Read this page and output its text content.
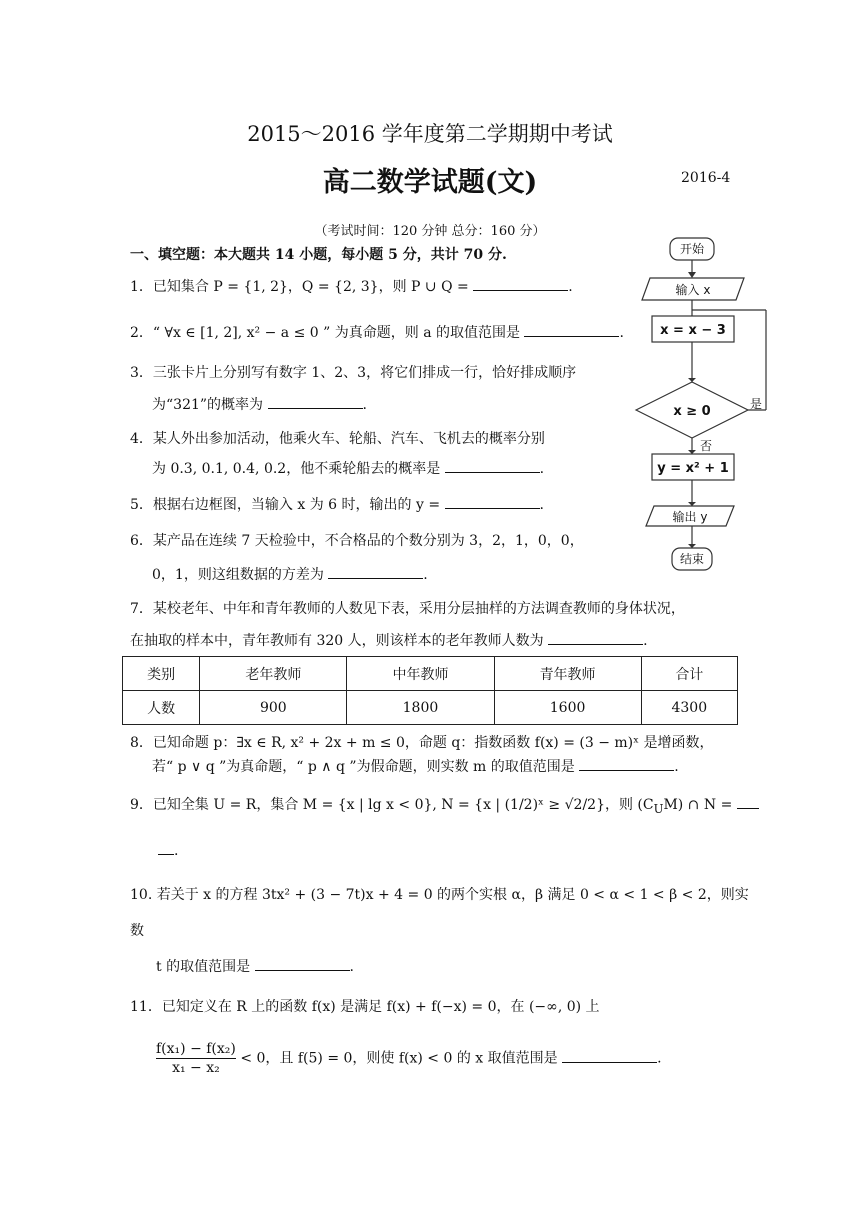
2015～2016 学年度第二学期期中考试
高二数学试题(文)	2016-4
（考试时间：120 分钟 总分：160 分）
一、填空题：本大题共 14 小题，每小题 5 分，共计 70 分.
1．已知集合 P = {1, 2}，Q = {2, 3}，则 P ∪ Q =	.
2．“ ∀x ∈ [1, 2], x² − a ≤ 0 ” 为真命题，则 a 的取值范围是	.
3．三张卡片上分别写有数字 1、2、3，将它们排成一行，恰好排成顺序
为“321”的概率为	.
4．某人外出参加活动，他乘火车、轮船、汽车、飞机去的概率分别
为 0.3, 0.1, 0.4, 0.2，他不乘轮船去的概率是	.
5．根据右边框图，当输入 x 为 6 时，输出的 y =	.
6．某产品在连续 7 天检验中，不合格品的个数分别为 3，2，1，0，0，
0，1，则这组数据的方差为	.
7．某校老年、中年和青年教师的人数见下表，采用分层抽样的方法调查教师的身体状况，
在抽取的样本中，青年教师有 320 人，则该样本的老年教师人数为	.
类别	老年教师	中年教师	青年教师	合计
人数	900	1800	1600	4300
8．已知命题 p：∃x ∈ R, x² + 2x + m ≤ 0，命题 q：指数函数 f(x) = (3 − m)ˣ 是增函数，
若“ p ∨ q ”为真命题，“ p ∧ q ”为假命题，则实数 m 的取值范围是	.
9．已知全集 U = R，集合 M = {x | lg x < 0}, N = {x | (1/2)ˣ ≥ √2/2}，则 $(C_UM)$ ∩ N =
.
10. 若关于 x 的方程 3tx² + (3 − 7t)x + 4 = 0 的两个实根 α，β 满足 0 < α < 1 < β < 2，则实
数
t 的取值范围是	.
11．已知定义在 R 上的函数 f(x) 是满足 f(x) + f(−x) = 0，在 (−∞, 0) 上
$\frac{\text{f(x₁) − f(x₂)}}{\text{x₁ − x₂}} < 0$，且 f(5) = 0，则使 f(x) < 0 的 x 取值范围是	.
开始
输入 x
x = x − 3
x ≥ 0	是
否
y = x² + 1
输出 y
结束
